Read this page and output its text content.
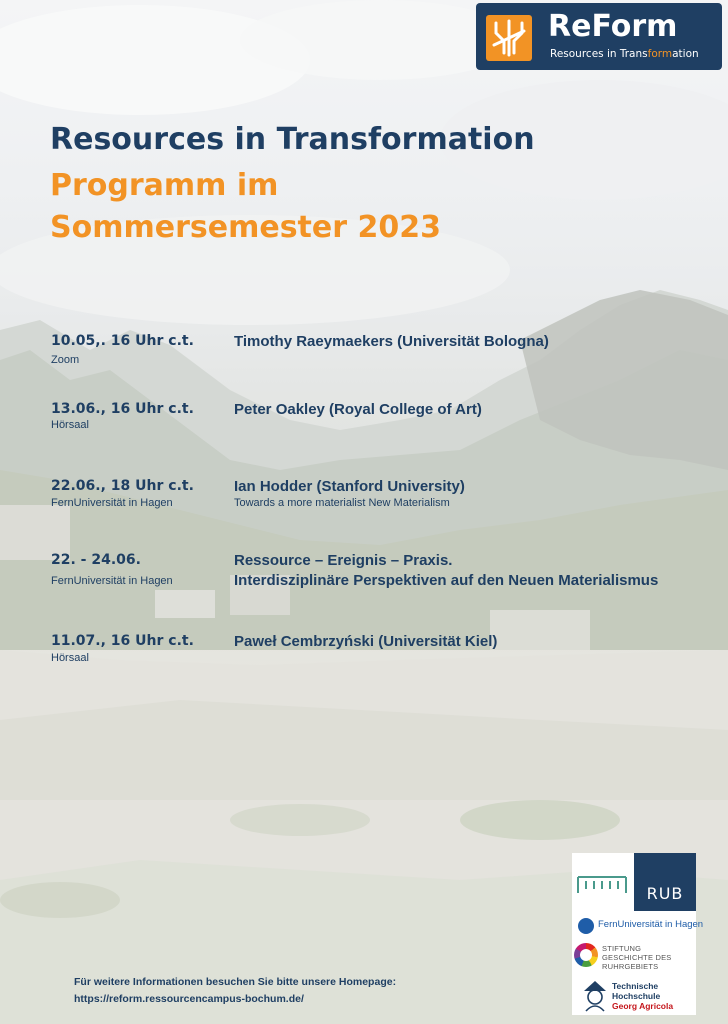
ReForm
Resources in Transformation
Resources in Transformation
Programm im
Sommersemester 2023
10.05,. 16 Uhr c.t.
Zoom
Timothy Raeymaekers (Universität Bologna)
13.06., 16 Uhr c.t.
Hörsaal
Peter Oakley (Royal College of Art)
22.06., 18 Uhr c.t.
FernUniversität in Hagen
Ian Hodder (Stanford University)
Towards a more materialist New Materialism
22. - 24.06.
FernUniversität in Hagen
Ressource – Ereignis – Praxis.
Interdisziplinäre Perspektiven auf den Neuen Materialismus
11.07., 16 Uhr c.t.
Hörsaal
Paweł Cembrzyński (Universität Kiel)
RUB
FernUniversität in Hagen
STIFTUNG
GESCHICHTE DES
RUHRGEBIETS
Technische
Hochschule
Georg Agricola
Für weitere Informationen besuchen Sie bitte unsere Homepage:
https://reform.ressourcencampus-bochum.de/
